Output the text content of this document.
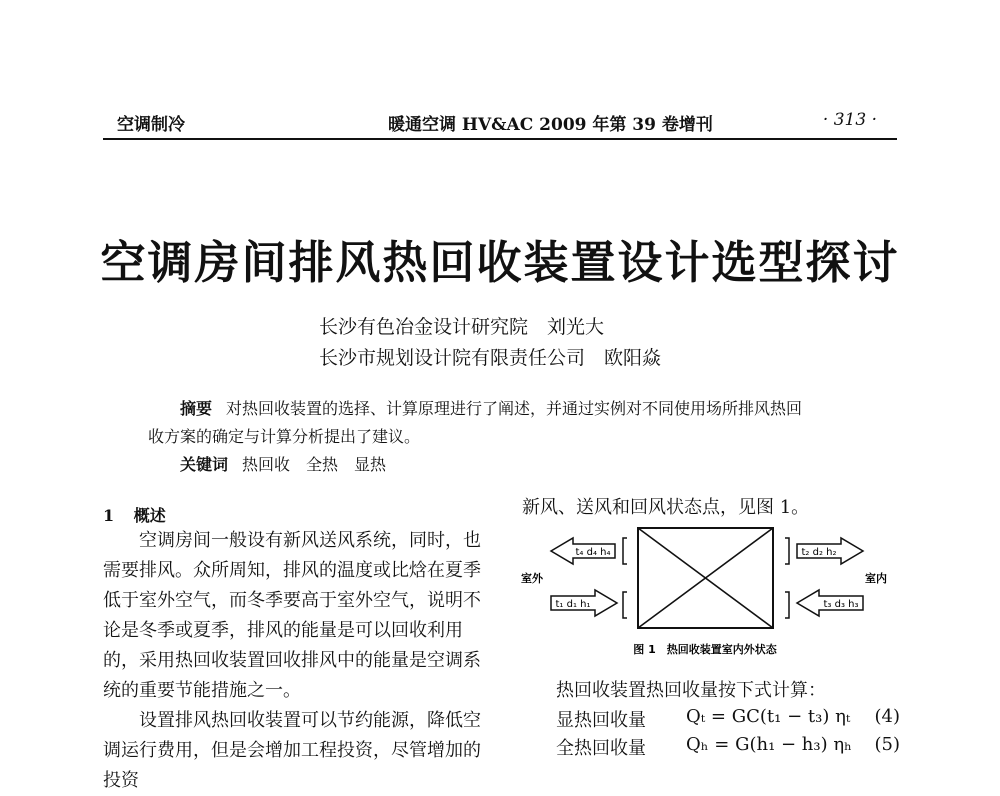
空调制冷	暖通空调 HV&AC 2009 年第 39 卷增刊	· 313 ·
空调房间排风热回收装置设计选型探讨
长沙有色冶金设计研究院　刘光大
长沙市规划设计院有限责任公司　欧阳焱
摘要 对热回收装置的选择、计算原理进行了阐述，并通过实例对不同使用场所排风热回
收方案的确定与计算分析提出了建议。
关键词 热回收　全热　显热
1 概述

空调房间一般设有新风送风系统，同时，也需要排风。众所周知，排风的温度或比焓在夏季低于室外空气，而冬季要高于室外空气，说明不论是冬季或夏季，排风的能量是可以回收利用的，采用热回收装置回收排风中的能量是空调系统的重要节能措施之一。

设置排风热回收装置可以节约能源，降低空调运行费用，但是会增加工程投资，尽管增加的投资

新风、送风和回风状态点，见图 1。
t₄ d₄ h₄
t₁ d₁ h₁
t₂ d₂ h₂
t₃ d₃ h₃
室外	室内
图 1　热回收装置室内外状态
热回收装置热回收量按下式计算：
显热回收量 Qₜ = GC(t₁ − t₃) ηₜ (4)
全热回收量 Qₕ = G(h₁ − h₃) ηₕ (5)
